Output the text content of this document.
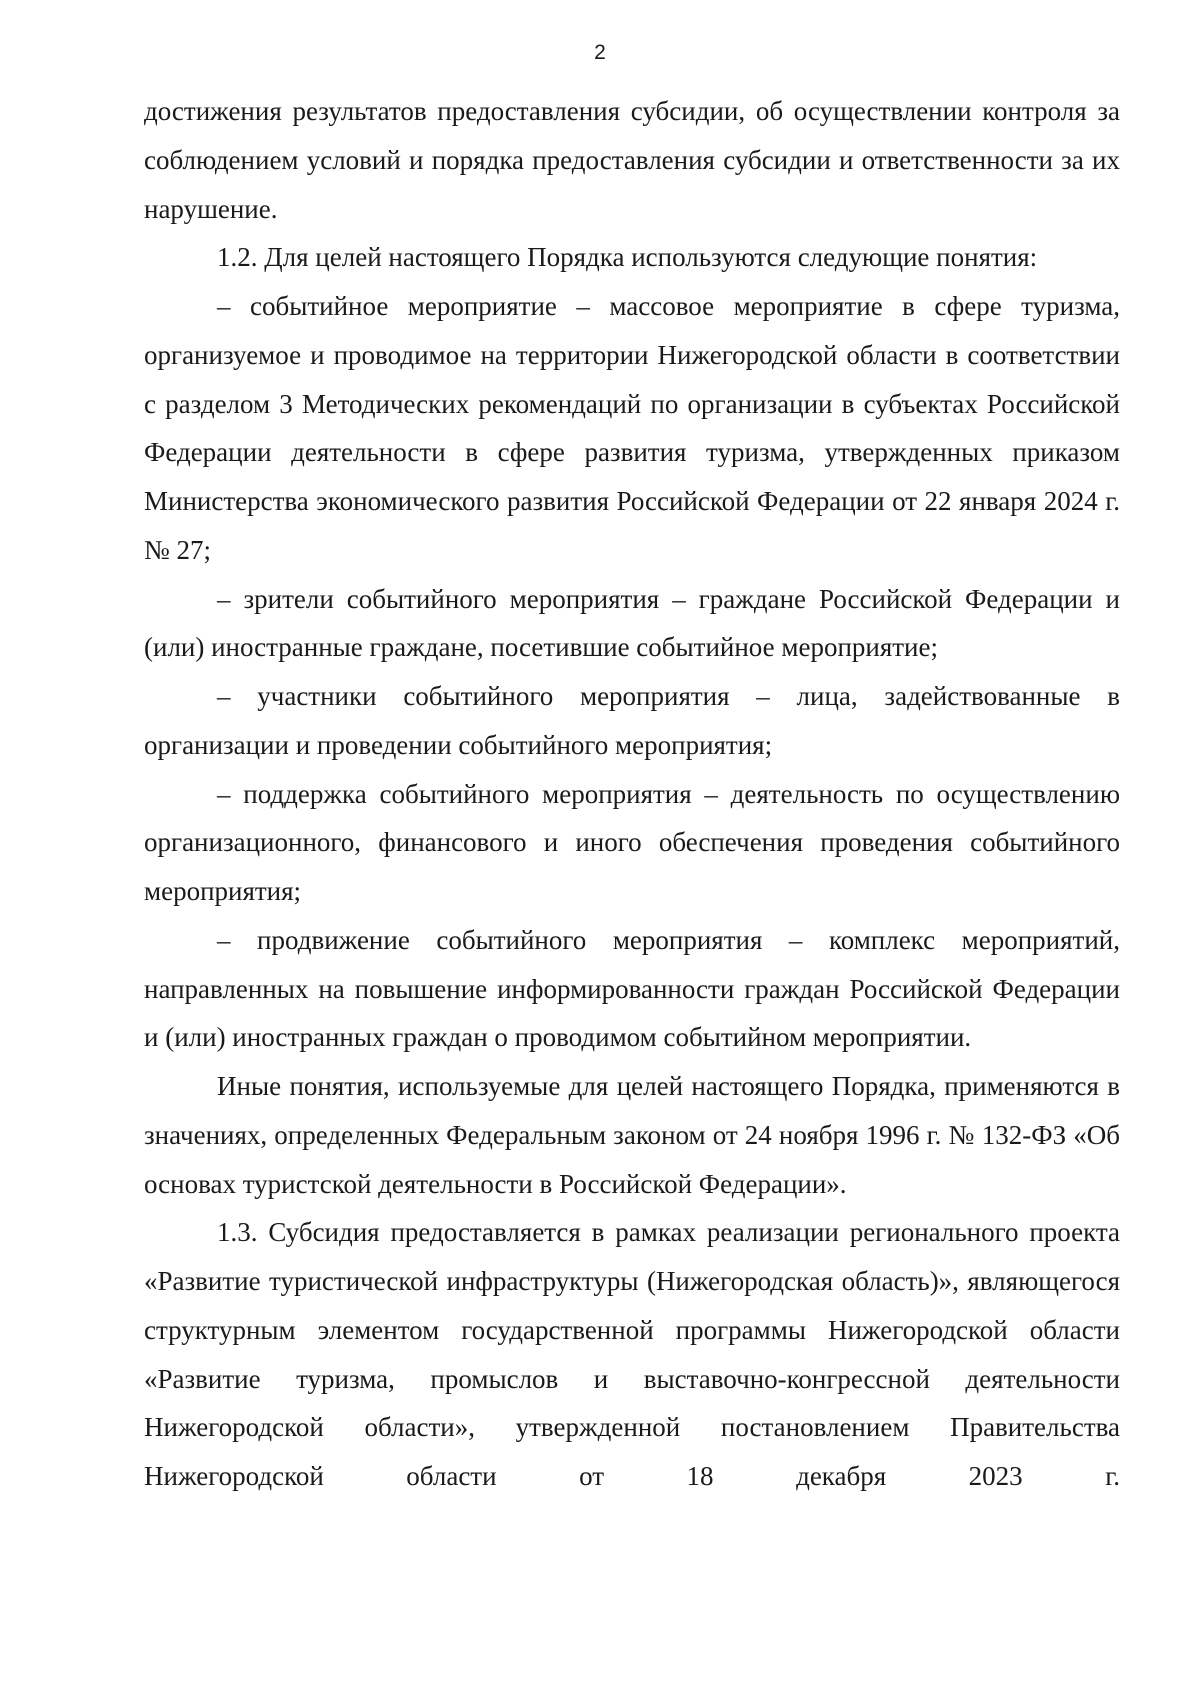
2

достижения результатов предоставления субсидии, об осуществлении контроля за соблюдением условий и порядка предоставления субсидии и ответственности за их нарушение.

1.2. Для целей настоящего Порядка используются следующие понятия:

– событийное мероприятие – массовое мероприятие в сфере туризма, организуемое и проводимое на территории Нижегородской области в соответствии с разделом 3 Методических рекомендаций по организации в субъектах Российской Федерации деятельности в сфере развития туризма, утвержденных приказом Министерства экономического развития Российской Федерации от 22 января 2024 г. № 27;

– зрители событийного мероприятия – граждане Российской Федерации и (или) иностранные граждане, посетившие событийное мероприятие;

– участники событийного мероприятия – лица, задействованные в организации и проведении событийного мероприятия;

– поддержка событийного мероприятия – деятельность по осуществлению организационного, финансового и иного обеспечения проведения событийного мероприятия;

– продвижение событийного мероприятия – комплекс мероприятий, направленных на повышение информированности граждан Российской Федерации и (или) иностранных граждан о проводимом событийном мероприятии.

Иные понятия, используемые для целей настоящего Порядка, применяются в значениях, определенных Федеральным законом от 24 ноября 1996 г. № 132-ФЗ «Об основах туристской деятельности в Российской Федерации».

1.3. Субсидия предоставляется в рамках реализации регионального проекта «Развитие туристической инфраструктуры (Нижегородская область)», являющегося структурным элементом государственной программы Нижегородской области «Развитие туризма, промыслов и выставочно-конгрессной деятельности Нижегородской области», утвержденной постановлением Правительства Нижегородской области от 18 декабря 2023 г.
